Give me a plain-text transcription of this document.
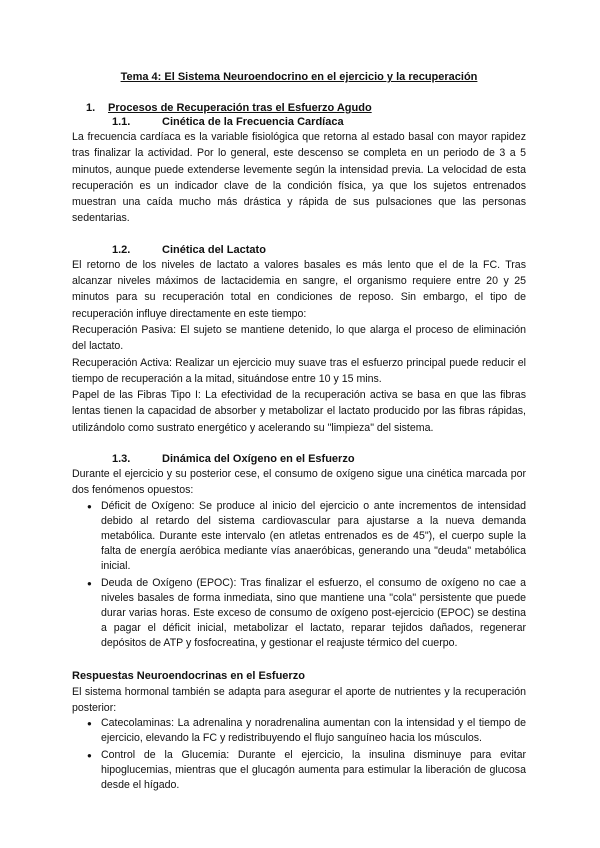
Tema 4: El Sistema Neuroendocrino en el ejercicio y la recuperación
1.	Procesos de Recuperación tras el Esfuerzo Agudo
1.1.	Cinética de la Frecuencia Cardíaca

La frecuencia cardíaca es la variable fisiológica que retorna al estado basal con mayor rapidez tras finalizar la actividad. Por lo general, este descenso se completa en un periodo de 3 a 5 minutos, aunque puede extenderse levemente según la intensidad previa. La velocidad de esta recuperación es un indicador clave de la condición física, ya que los sujetos entrenados muestran una caída mucho más drástica y rápida de sus pulsaciones que las personas sedentarias.

1.2.	Cinética del Lactato

El retorno de los niveles de lactato a valores basales es más lento que el de la FC. Tras alcanzar niveles máximos de lactacidemia en sangre, el organismo requiere entre 20 y 25 minutos para su recuperación total en condiciones de reposo. Sin embargo, el tipo de recuperación influye directamente en este tiempo:

Recuperación Pasiva: El sujeto se mantiene detenido, lo que alarga el proceso de eliminación del lactato.

Recuperación Activa: Realizar un ejercicio muy suave tras el esfuerzo principal puede reducir el tiempo de recuperación a la mitad, situándose entre 10 y 15 mins.

Papel de las Fibras Tipo I: La efectividad de la recuperación activa se basa en que las fibras lentas tienen la capacidad de absorber y metabolizar el lactato producido por las fibras rápidas, utilizándolo como sustrato energético y acelerando su "limpieza" del sistema.

1.3.	Dinámica del Oxígeno en el Esfuerzo

Durante el ejercicio y su posterior cese, el consumo de oxígeno sigue una cinética marcada por dos fenómenos opuestos:

● Déficit de Oxígeno: Se produce al inicio del ejercicio o ante incrementos de intensidad debido al retardo del sistema cardiovascular para ajustarse a la nueva demanda metabólica. Durante este intervalo (en atletas entrenados es de 45"), el cuerpo suple la falta de energía aeróbica mediante vías anaeróbicas, generando una "deuda" metabólica inicial.
● Deuda de Oxígeno (EPOC): Tras finalizar el esfuerzo, el consumo de oxígeno no cae a niveles basales de forma inmediata, sino que mantiene una "cola" persistente que puede durar varias horas. Este exceso de consumo de oxígeno post-ejercicio (EPOC) se destina a pagar el déficit inicial, metabolizar el lactato, reparar tejidos dañados, regenerar depósitos de ATP y fosfocreatina, y gestionar el reajuste térmico del cuerpo.
Respuestas Neuroendocrinas en el Esfuerzo

El sistema hormonal también se adapta para asegurar el aporte de nutrientes y la recuperación posterior:

● Catecolaminas: La adrenalina y noradrenalina aumentan con la intensidad y el tiempo de ejercicio, elevando la FC y redistribuyendo el flujo sanguíneo hacia los músculos.
● Control de la Glucemia: Durante el ejercicio, la insulina disminuye para evitar hipoglucemias, mientras que el glucagón aumenta para estimular la liberación de glucosa desde el hígado.
